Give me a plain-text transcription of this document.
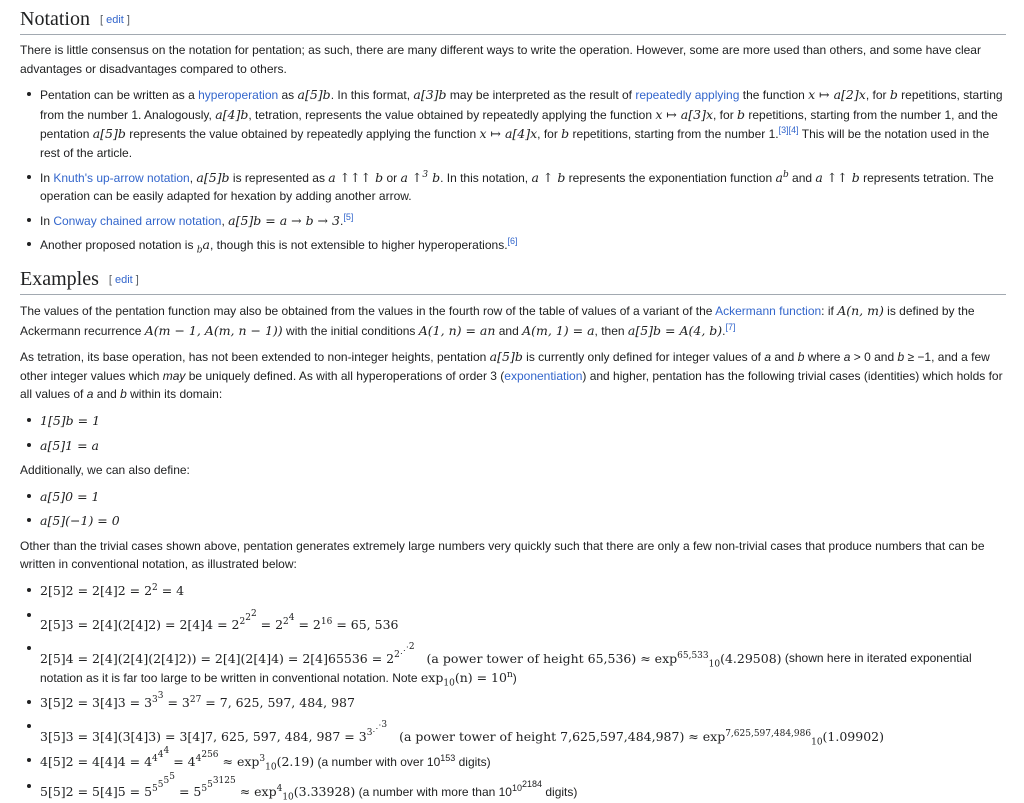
Notation [ edit ]

There is little consensus on the notation for pentation; as such, there are many different ways to write the operation. However, some are more used than others, and some have clear advantages or disadvantages compared to others.

Pentation can be written as a hyperoperation as a[5]b. In this format, a[3]b may be interpreted as the result of repeatedly applying the function x ↦ a[2]x, for b repetitions, starting from the number 1. Analogously, a[4]b, tetration, represents the value obtained by repeatedly applying the function x ↦ a[3]x, for b repetitions, starting from the number 1, and the pentation a[5]b represents the value obtained by repeatedly applying the function x ↦ a[4]x, for b repetitions, starting from the number 1.[3][4] This will be the notation used in the rest of the article.
In Knuth's up-arrow notation, a[5]b is represented as a ↑↑↑ b or a ↑$^3$ b. In this notation, a ↑ b represents the exponentiation function $a^b$ and a ↑↑ b represents tetration. The operation can be easily adapted for hexation by adding another arrow.
In Conway chained arrow notation, a[5]b = a → b → 3.[5]
Another proposed notation is $_b$a, though this is not extensible to higher hyperoperations.[6]
Examples [ edit ]

The values of the pentation function may also be obtained from the values in the fourth row of the table of values of a variant of the Ackermann function: if A(n, m) is defined by the Ackermann recurrence A(m − 1, A(m, n − 1)) with the initial conditions A(1, n) = an and A(m, 1) = a, then a[5]b = A(4, b).[7]

As tetration, its base operation, has not been extended to non-integer heights, pentation a[5]b is currently only defined for integer values of a and b where a > 0 and b ≥ −1, and a few other integer values which may be uniquely defined. As with all hyperoperations of order 3 (exponentiation) and higher, pentation has the following trivial cases (identities) which holds for all values of a and b within its domain:

1[5]b = 1
a[5]1 = a

Additionally, we can also define:

a[5]0 = 1
a[5](−1) = 0

Other than the trivial cases shown above, pentation generates extremely large numbers very quickly such that there are only a few non-trivial cases that produce numbers that can be written in conventional notation, as illustrated below:

$2[5]2 = 2[4]2 = 2^2 = 4$
$2[5]3 = 2[4](2[4]2) = 2[4]4 = 2^{2^{2^2}} = 2^{2^4} = 2^{16} = 65$, 536
$2[5]4 = 2[4](2[4](2[4]2)) = 2[4](2[4]4) = 2[4]65536 = 2^{2^{⋰^2}}$   (a power tower of height $65,536) \approx \exp^{65,533}_{10}(4.29508)$ (shown here in iterated exponential notation as it is far too large to be written in conventional notation. Note $\exp_{10}(n) = 10^n$)
$3[5]2 = 3[4]3 = 3^{3^3} = 3^{27} = 7$, 625, 597, 484, 987
3[5]3 = 3[4](3[4]3) = 3[4]7, 625, 597, 484, $987 = 3^{3^{⋰^3}}$   (a power tower of height $7,625,597,484,987) \approx \exp^{7,625,597,484,986}_{10}(1.09902)$
$4[5]2 = 4[4]4 = 4^{4^{4^4}} = 4^{4^{256}} \approx \exp^3_{10}(2.19)$ (a number with over $10^{153}$ digits)
$5[5]2 = 5[4]5 = 5^{5^{5^{5^5}}} = 5^{5^{5^{3125}}} \approx \exp^4_{10}(3.33928)$ (a number with more than $10^{10^{2184}}$ digits)
